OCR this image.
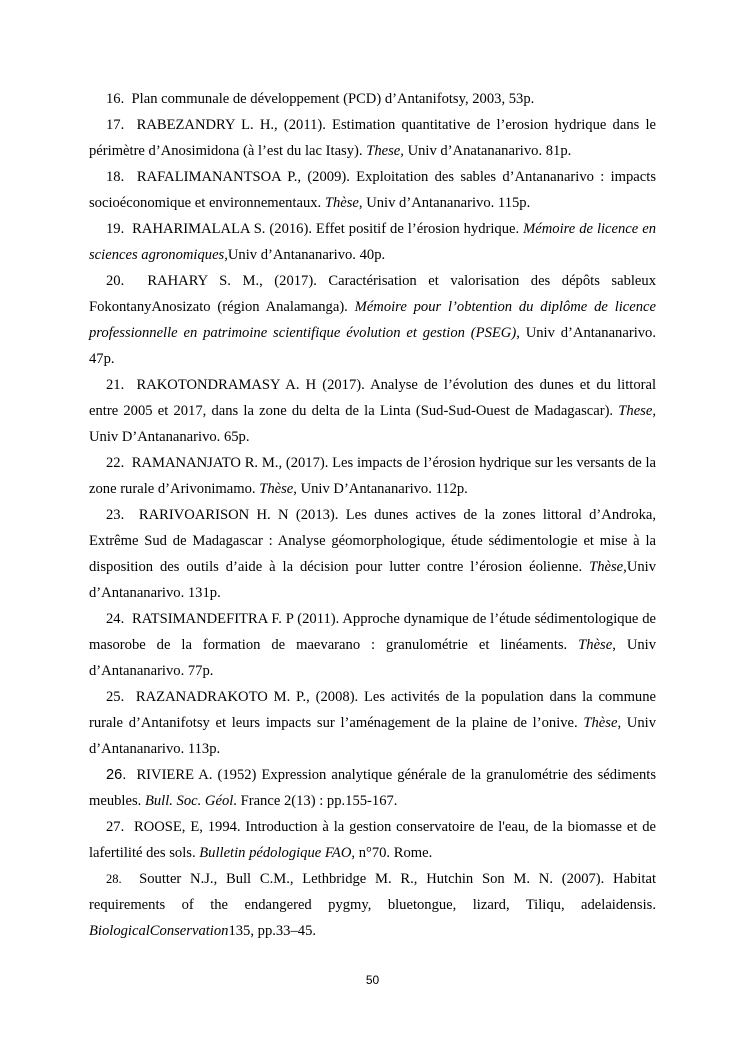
16. Plan communale de développement (PCD) d’Antanifotsy, 2003, 53p.

17. RABEZANDRY L. H., (2011). Estimation quantitative de l’erosion hydrique dans le périmètre d’Anosimidona (à l’est du lac Itasy). These, Univ d’Anatananarivo. 81p.

18. RAFALIMANANTSOA P., (2009). Exploitation des sables d’Antananarivo : impacts socioéconomique et environnementaux. Thèse, Univ d’Antananarivo. 115p.

19. RAHARIMALALA S. (2016). Effet positif de l’érosion hydrique. Mémoire de licence en sciences agronomiques,Univ d’Antananarivo. 40p.

20. RAHARY S. M., (2017). Caractérisation et valorisation des dépôts sableux FokontanyAnosizato (région Analamanga). Mémoire pour l’obtention du diplôme de licence professionnelle en patrimoine scientifique évolution et gestion (PSEG), Univ d’Antananarivo. 47p.

21. RAKOTONDRAMASY A. H (2017). Analyse de l’évolution des dunes et du littoral entre 2005 et 2017, dans la zone du delta de la Linta (Sud-Sud-Ouest de Madagascar). These, Univ D’Antananarivo. 65p.

22. RAMANANJATO R. M., (2017). Les impacts de l’érosion hydrique sur les versants de la zone rurale d’Arivonimamo. Thèse, Univ D’Antananarivo. 112p.

23. RARIVOARISON H. N (2013). Les dunes actives de la zones littoral d’Androka, Extrême Sud de Madagascar : Analyse géomorphologique, étude sédimentologie et mise à la disposition des outils d’aide à la décision pour lutter contre l’érosion éolienne. Thèse,Univ d’Antananarivo. 131p.

24. RATSIMANDEFITRA F. P (2011). Approche dynamique de l’étude sédimentologique de masorobe de la formation de maevarano : granulométrie et linéaments. Thèse, Univ d’Antananarivo. 77p.

25. RAZANADRAKOTO M. P., (2008). Les activités de la population dans la commune rurale d’Antanifotsy et leurs impacts sur l’aménagement de la plaine de l’onive. Thèse, Univ d’Antananarivo. 113p.

26. RIVIERE A. (1952) Expression analytique générale de la granulométrie des sédiments meubles. Bull. Soc. Géol. France 2(13) : pp.155-167.

27. ROOSE, E, 1994. Introduction à la gestion conservatoire de l'eau, de la biomasse et de lafertilité des sols. Bulletin pédologique FAO, n°70. Rome.

28. Soutter N.J., Bull C.M., Lethbridge M. R., Hutchin Son M. N. (2007). Habitat requirements of the endangered pygmy, bluetongue, lizard, Tiliqu, adelaidensis. BiologicalConservation135, pp.33–45.

50
